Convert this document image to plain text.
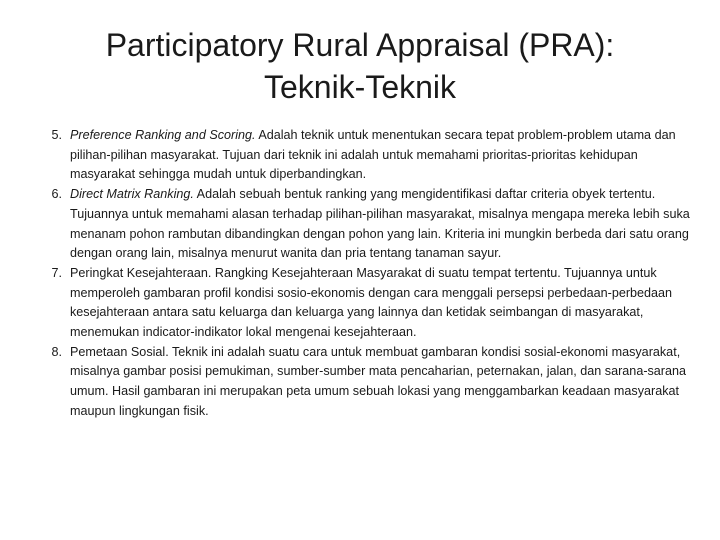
Participatory Rural Appraisal (PRA):
Teknik-Teknik
5. Preference Ranking and Scoring. Adalah teknik untuk menentukan secara tepat problem-problem utama dan pilihan-pilihan masyarakat. Tujuan dari teknik ini adalah untuk memahami prioritas-prioritas kehidupan masyarakat sehingga mudah untuk diperbandingkan.
6. Direct Matrix Ranking. Adalah sebuah bentuk ranking yang mengidentifikasi daftar criteria obyek tertentu. Tujuannya untuk memahami alasan terhadap pilihan-pilihan masyarakat, misalnya mengapa mereka lebih suka menanam pohon rambutan dibandingkan dengan pohon yang lain. Kriteria ini mungkin berbeda dari satu orang dengan orang lain, misalnya menurut wanita dan pria tentang tanaman sayur.
7. Peringkat Kesejahteraan. Rangking Kesejahteraan Masyarakat di suatu tempat tertentu. Tujuannya untuk memperoleh gambaran profil kondisi sosio-ekonomis dengan cara menggali persepsi perbedaan-perbedaan kesejahteraan antara satu keluarga dan keluarga yang lainnya dan ketidak seimbangan di masyarakat, menemukan indicator-indikator lokal mengenai kesejahteraan.
8. Pemetaan Sosial. Teknik ini adalah suatu cara untuk membuat gambaran kondisi sosial-ekonomi masyarakat, misalnya gambar posisi pemukiman, sumber-sumber mata pencaharian, peternakan, jalan, dan sarana-sarana umum. Hasil gambaran ini merupakan peta umum sebuah lokasi yang menggambarkan keadaan masyarakat maupun lingkungan fisik.
